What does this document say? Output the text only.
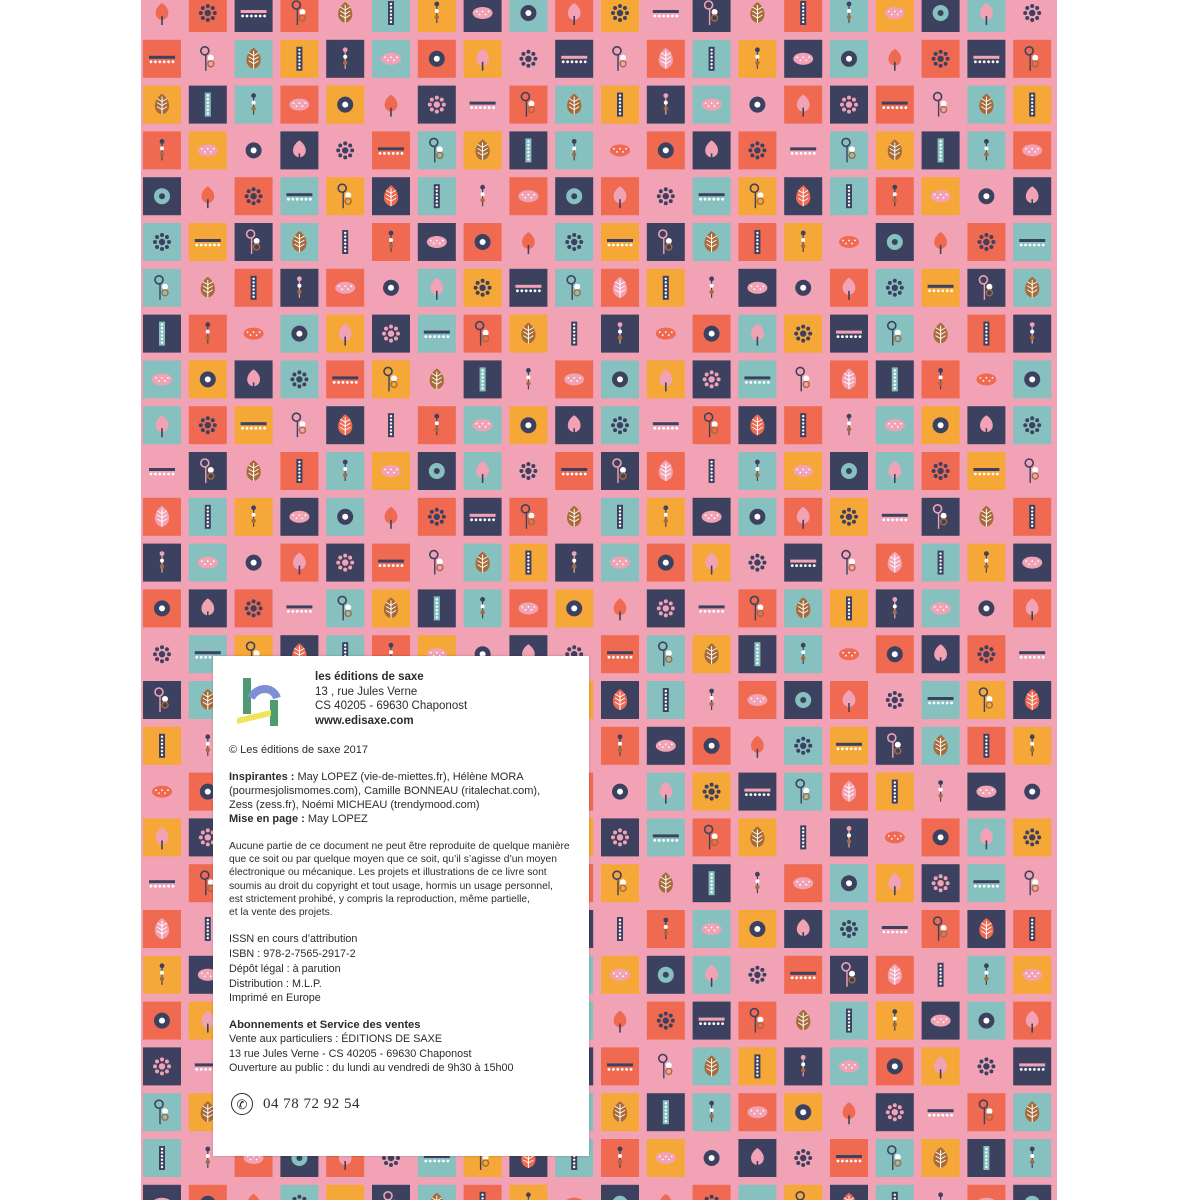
les éditions de saxe
13 , rue Jules Verne
CS 40205 - 69630 Chaponost
www.edisaxe.com
© Les éditions de saxe 2017
Inspirantes : May LOPEZ (vie-de-miettes.fr), Hélène MORA
(pourmesjolismomes.com), Camille BONNEAU (ritalechat.com),
Zess (zess.fr), Noémi MICHEAU (trendymood.com)
Mise en page : May LOPEZ
Aucune partie de ce document ne peut être reproduite de quelque manière
que ce soit ou par quelque moyen que ce soit, qu’il s’agisse d’un moyen
électronique ou mécanique. Les projets et illustrations de ce livre sont
soumis au droit du copyright et tout usage, hormis un usage personnel,
est strictement prohibé, y compris la reproduction, même partielle,
et la vente des projets.
ISSN en cours d’attribution
ISBN : 978-2-7565-2917-2
Dépôt légal : à parution
Distribution : M.L.P.
Imprimé en Europe
Abonnements et Service des ventes
Vente aux particuliers : ÉDITIONS DE SAXE
13 rue Jules Verne - CS 40205 - 69630 Chaponost
Ouverture au public : du lundi au vendredi de 9h30 à 15h00
✆	04 78 72 92 54
